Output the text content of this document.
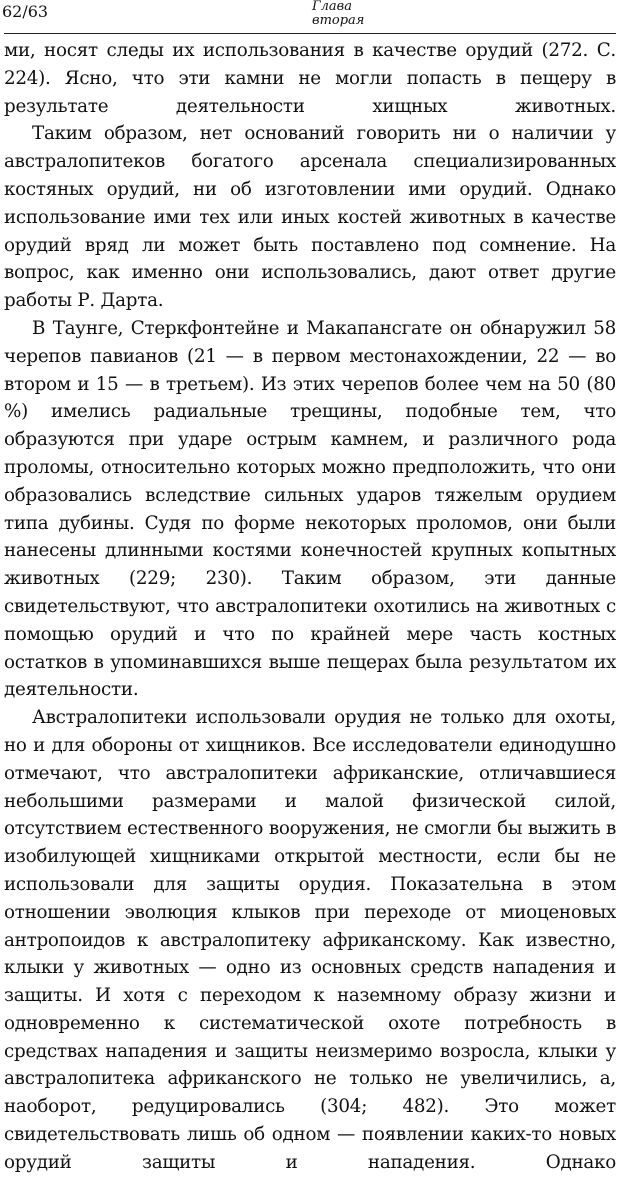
62/63	Глава
вторая

ми, носят следы их использования в качестве орудий (272. С. 224). Ясно, что эти камни не могли попасть в пещеру в результате деятельности хищных животных.

Таким образом, нет оснований говорить ни о наличии у австралопитеков богатого арсенала специализированных костяных орудий, ни об изготовлении ими орудий. Однако использование ими тех или иных костей животных в качестве орудий вряд ли может быть поставлено под сомнение. На вопрос, как именно они использовались, дают ответ другие работы Р. Дарта.

В Таунге, Стеркфонтейне и Макапансгате он обнаружил 58 черепов павианов (21 — в первом местонахождении, 22 — во втором и 15 — в третьем). Из этих черепов более чем на 50 (80 %) имелись радиальные трещины, подобные тем, что образуются при ударе острым камнем, и различного рода проломы, относительно которых можно предположить, что они образовались вследствие сильных ударов тяжелым орудием типа дубины. Судя по форме некоторых проломов, они были нанесены длинными костями конечностей крупных копытных животных (229; 230). Таким образом, эти данные свидетельствуют, что австралопитеки охотились на животных с помощью орудий и что по крайней мере часть костных остатков в упоминавшихся выше пещерах была результатом их деятельности.

Австралопитеки использовали орудия не только для охоты, но и для обороны от хищников. Все исследователи единодушно отмечают, что австралопитеки африканские, отличавшиеся небольшими размерами и малой физической силой, отсутствием естественного вооружения, не смогли бы выжить в изобилующей хищниками открытой местности, если бы не использовали для защиты орудия. Показательна в этом отношении эволюция клыков при переходе от миоценовых антропоидов к австралопитеку африканскому. Как известно, клыки у животных — одно из основных средств нападения и защиты. И хотя с переходом к наземному образу жизни и одновременно к систематической охоте потребность в средствах нападения и защиты неизмеримо возросла, клыки у австралопитека африканского не только не увеличились, а, наоборот, редуцировались (304; 482). Это может свидетельствовать лишь об одном — появлении каких-то новых орудий защиты и нападения. Однако
